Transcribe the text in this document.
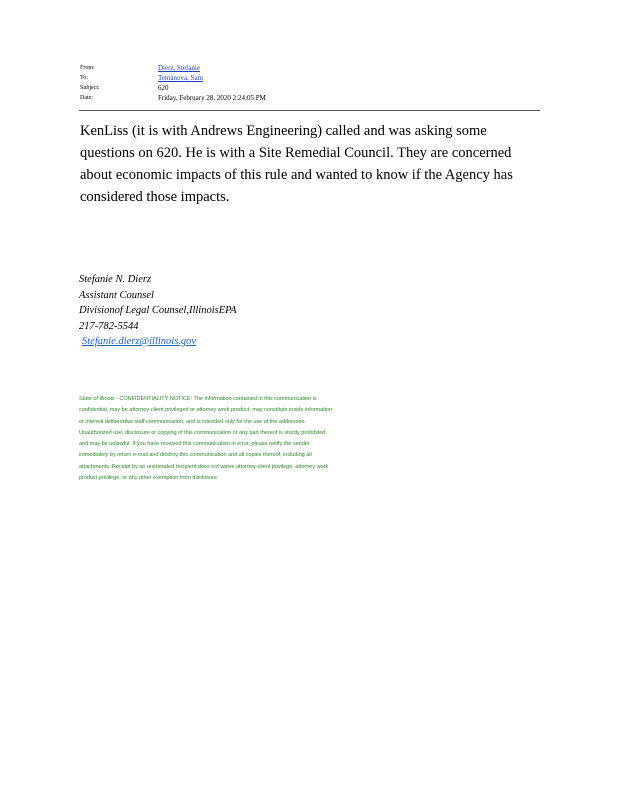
From:	Dierz, Stefanie
To:	Temanova, Sam
Subject:	620
Date:	Friday, February 28, 2020 2:24:05 PM

KenLiss (it is with Andrews Engineering) called and was asking some questions on 620. He is with a Site Remedial Council. They are concerned about economic impacts of this rule and wanted to know if the Agency has considered those impacts.

Stefanie N. Dierz
Assistant Counsel
Divisionof Legal Counsel,IllinoisEPA
217-782-5544
Stefanie.dierz@illinois.gov
State of Illinois - CONFIDENTIALITY NOTICE: The information contained in this communication is
confidential, may be attorney-client privileged or attorney work product, may constitute inside information
or internal deliberative staff communication, and is intended only for the use of the addressee.
Unauthorized use, disclosure or copying of this communication or any part thereof is strictly prohibited
and may be unlawful. If you have received this communication in error, please notify the sender
immediately by return e-mail and destroy this communication and all copies thereof, including all
attachments. Receipt by an unintended recipient does not waive attorney-client privilege, attorney work
product privilege, or any other exemption from disclosure.
